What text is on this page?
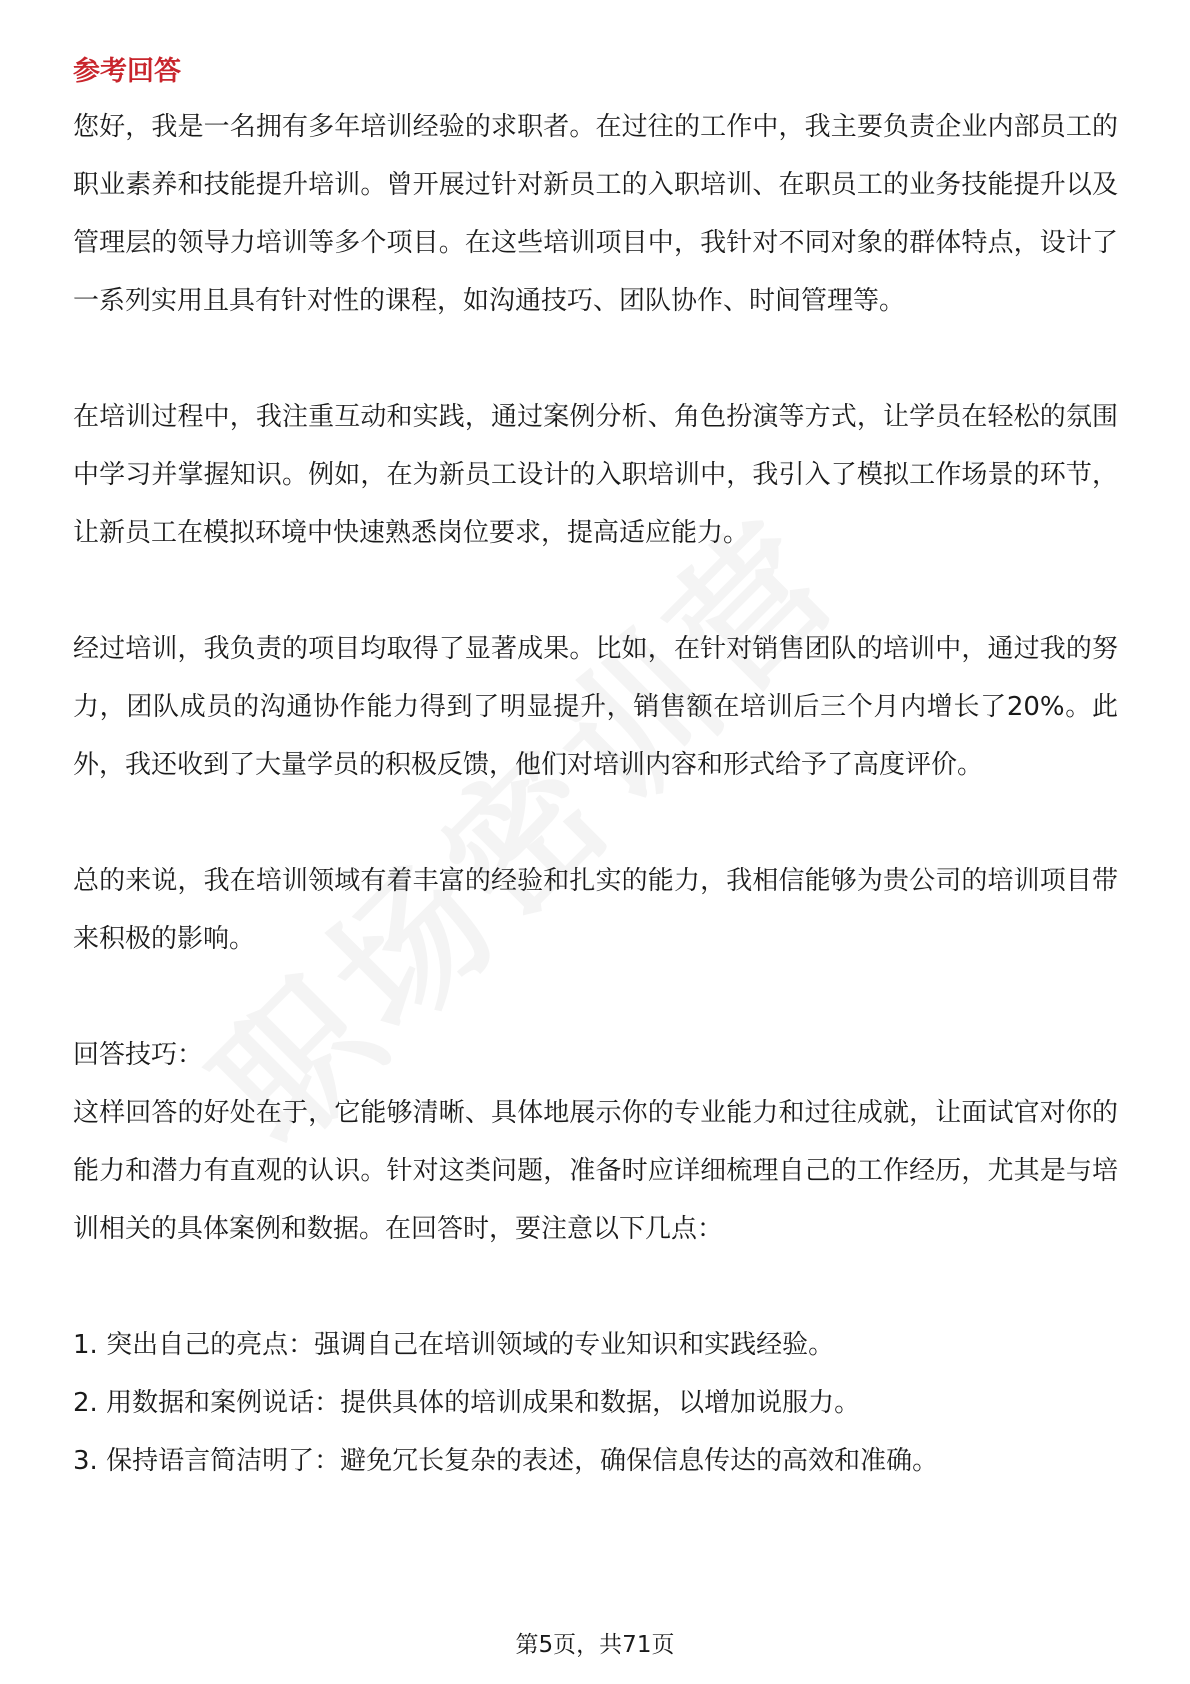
参考回答

您好，我是一名拥有多年培训经验的求职者。在过往的工作中，我主要负责企业内部员工的职业素养和技能提升培训。曾开展过针对新员工的入职培训、在职员工的业务技能提升以及管理层的领导力培训等多个项目。在这些培训项目中，我针对不同对象的群体特点，设计了一系列实用且具有针对性的课程，如沟通技巧、团队协作、时间管理等。

在培训过程中，我注重互动和实践，通过案例分析、角色扮演等方式，让学员在轻松的氛围中学习并掌握知识。例如，在为新员工设计的入职培训中，我引入了模拟工作场景的环节，让新员工在模拟环境中快速熟悉岗位要求，提高适应能力。

经过培训，我负责的项目均取得了显著成果。比如，在针对销售团队的培训中，通过我的努力，团队成员的沟通协作能力得到了明显提升，销售额在培训后三个月内增长了20%。此外，我还收到了大量学员的积极反馈，他们对培训内容和形式给予了高度评价。

总的来说，我在培训领域有着丰富的经验和扎实的能力，我相信能够为贵公司的培训项目带来积极的影响。

回答技巧：

这样回答的好处在于，它能够清晰、具体地展示你的专业能力和过往成就，让面试官对你的能力和潜力有直观的认识。针对这类问题，准备时应详细梳理自己的工作经历，尤其是与培训相关的具体案例和数据。在回答时，要注意以下几点：

1. 突出自己的亮点：强调自己在培训领域的专业知识和实践经验。

2. 用数据和案例说话：提供具体的培训成果和数据，以增加说服力。

3. 保持语言简洁明了：避免冗长复杂的表述，确保信息传达的高效和准确。

第5页，共71页
